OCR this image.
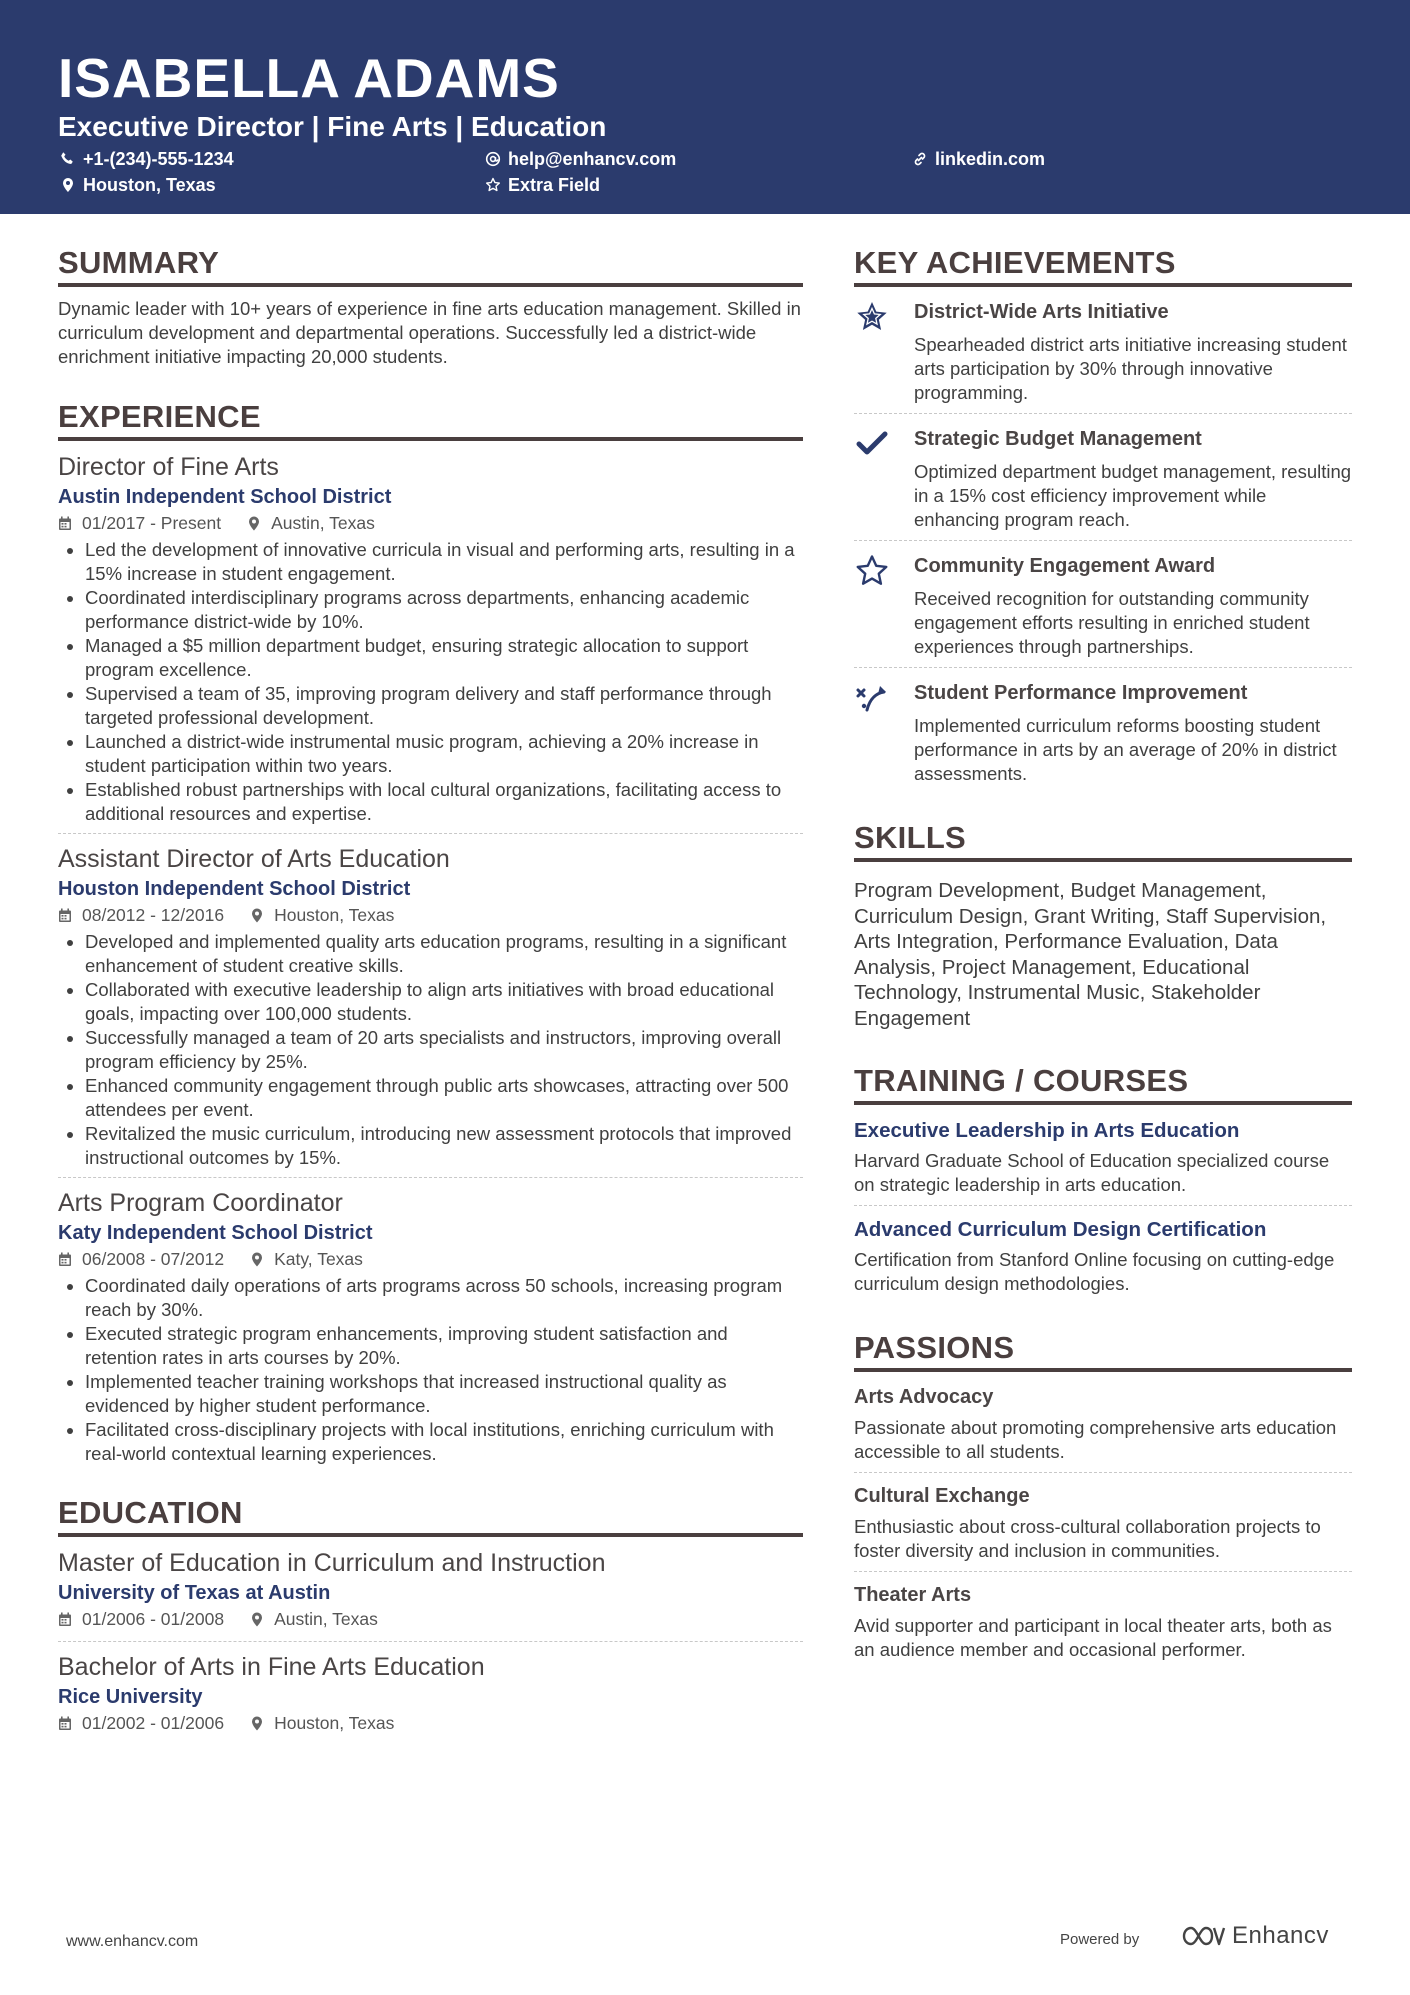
ISABELLA ADAMS
Executive Director | Fine Arts | Education
+1-(234)-555-1234
Houston, Texas
help@enhancv.com
Extra Field
linkedin.com
SUMMARY
Dynamic leader with 10+ years of experience in fine arts education management. Skilled in curriculum development and departmental operations. Successfully led a district-wide enrichment initiative impacting 20,000 students.
EXPERIENCE
Director of Fine Arts
Austin Independent School District
01/2017 - Present	Austin, Texas
• Led the development of innovative curricula in visual and performing arts, resulting in a 15% increase in student engagement.
• Coordinated interdisciplinary programs across departments, enhancing academic performance district-wide by 10%.
• Managed a $5 million department budget, ensuring strategic allocation to support program excellence.
• Supervised a team of 35, improving program delivery and staff performance through targeted professional development.
• Launched a district-wide instrumental music program, achieving a 20% increase in student participation within two years.
• Established robust partnerships with local cultural organizations, facilitating access to additional resources and expertise.
Assistant Director of Arts Education
Houston Independent School District
08/2012 - 12/2016	Houston, Texas
• Developed and implemented quality arts education programs, resulting in a significant enhancement of student creative skills.
• Collaborated with executive leadership to align arts initiatives with broad educational goals, impacting over 100,000 students.
• Successfully managed a team of 20 arts specialists and instructors, improving overall program efficiency by 25%.
• Enhanced community engagement through public arts showcases, attracting over 500 attendees per event.
• Revitalized the music curriculum, introducing new assessment protocols that improved instructional outcomes by 15%.
Arts Program Coordinator
Katy Independent School District
06/2008 - 07/2012	Katy, Texas
• Coordinated daily operations of arts programs across 50 schools, increasing program reach by 30%.
• Executed strategic program enhancements, improving student satisfaction and retention rates in arts courses by 20%.
• Implemented teacher training workshops that increased instructional quality as evidenced by higher student performance.
• Facilitated cross-disciplinary projects with local institutions, enriching curriculum with real-world contextual learning experiences.
EDUCATION
Master of Education in Curriculum and Instruction
University of Texas at Austin
01/2006 - 01/2008	Austin, Texas
Bachelor of Arts in Fine Arts Education
Rice University
01/2002 - 01/2006	Houston, Texas
KEY ACHIEVEMENTS
District-Wide Arts Initiative
Spearheaded district arts initiative increasing student arts participation by 30% through innovative programming.
Strategic Budget Management
Optimized department budget management, resulting in a 15% cost efficiency improvement while enhancing program reach.
Community Engagement Award
Received recognition for outstanding community engagement efforts resulting in enriched student experiences through partnerships.
Student Performance Improvement
Implemented curriculum reforms boosting student performance in arts by an average of 20% in district assessments.
SKILLS
Program Development, Budget Management, Curriculum Design, Grant Writing, Staff Supervision, Arts Integration, Performance Evaluation, Data Analysis, Project Management, Educational Technology, Instrumental Music, Stakeholder Engagement
TRAINING / COURSES
Executive Leadership in Arts Education
Harvard Graduate School of Education specialized course on strategic leadership in arts education.
Advanced Curriculum Design Certification
Certification from Stanford Online focusing on cutting-edge curriculum design methodologies.
PASSIONS
Arts Advocacy
Passionate about promoting comprehensive arts education accessible to all students.
Cultural Exchange
Enthusiastic about cross-cultural collaboration projects to foster diversity and inclusion in communities.
Theater Arts
Avid supporter and participant in local theater arts, both as an audience member and occasional performer.
www.enhancv.com	Powered by	Enhancv
